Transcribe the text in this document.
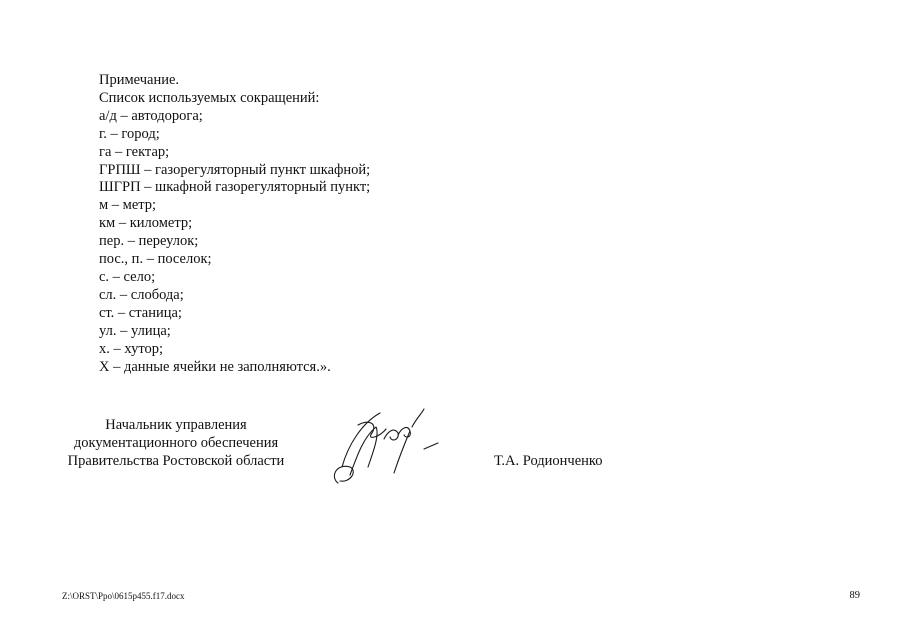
Примечание.
Список используемых сокращений:
а/д – автодорога;
г. – город;
га – гектар;
ГРПШ – газорегуляторный пункт шкафной;
ШГРП – шкафной газорегуляторный пункт;
м – метр;
км – километр;
пер. – переулок;
пос., п. – поселок;
с. – село;
сл. – слобода;
ст. – станица;
ул. – улица;
х. – хутор;
Х – данные ячейки не заполняются.».
Начальник управления
документационного обеспечения
Правительства Ростовской области	Т.А. Родионченко
Z:\ORST\Ppo\0615p455.f17.docx	89
